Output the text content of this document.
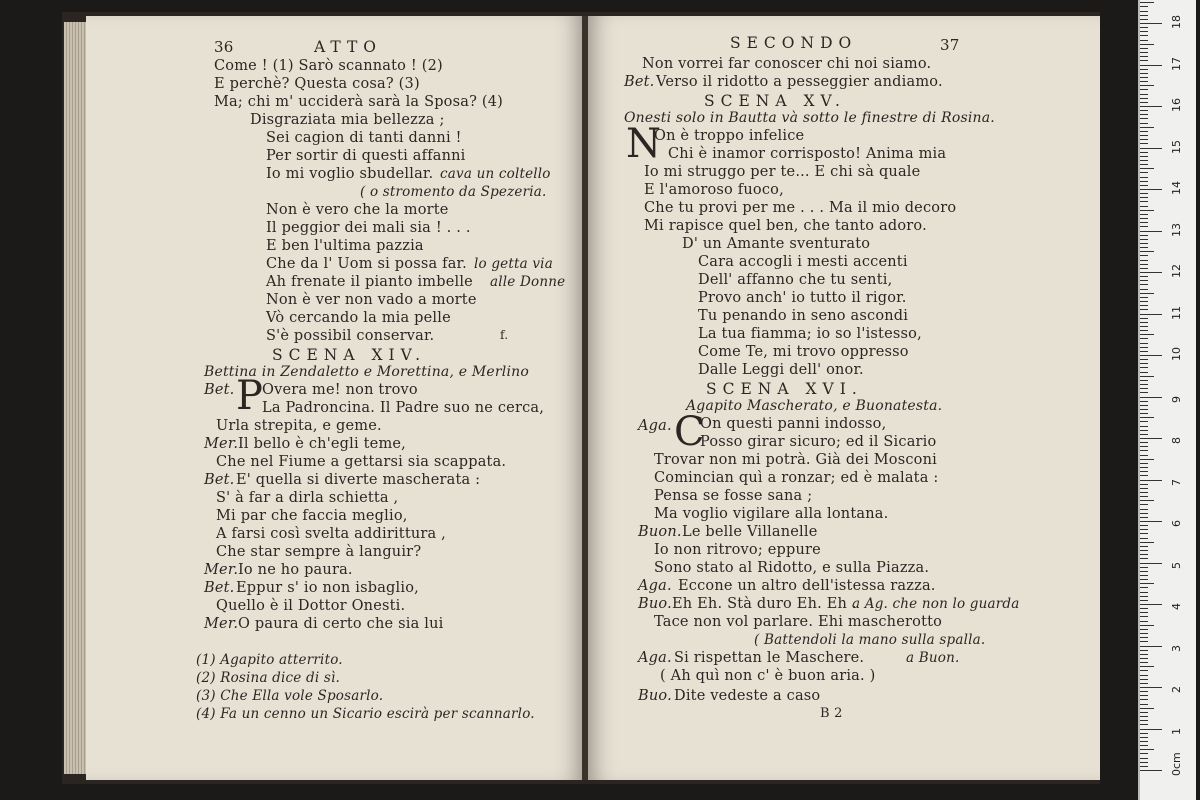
36	ATTO
Come ! (1) Sarò scannato ! (2)
E perchè? Questa cosa? (3)
Ma; chi m' ucciderà sarà la Sposa? (4)
Disgraziata mia bellezza ;
Sei cagion di tanti danni !
Per sortir di questi affanni
Io mi voglio sbudellar. cava un coltello
( o stromento da Spezeria.
Non è vero che la morte
Il peggior dei mali sia ! . . .
E ben l'ultima pazzia
Che da l' Uom si possa far. lo getta via
Ah frenate il pianto imbelle alle Donne
Non è ver non vado a morte
Vò cercando la mia pelle
S'è possibil conservar.	f.
SCENA XIV.
Bettina in Zendaletto e Morettina, e Merlino
Bet. P Overa me! non trovo
La Padroncina. Il Padre suo ne cerca,
Urla strepita, e geme.
Mer. Il bello è ch'egli teme,
Che nel Fiume a gettarsi sia scappata.
Bet. E' quella si diverte mascherata :
S' à far a dirla schietta ,
Mi par che faccia meglio,
A farsi così svelta addirittura ,
Che star sempre à languir?
Mer. Io ne ho paura.
Bet. Eppur s' io non isbaglio,
Quello è il Dottor Onesti.
Mer. O paura di certo che sia lui
(1) Agapito atterrito.
(2) Rosina dice di sì.
(3) Che Ella vole Sposarlo.
(4) Fa un cenno un Sicario escirà per scannarlo.
SECONDO	37
Non vorrei far conoscer chi noi siamo.
Bet. Verso il ridotto a pesseggier andiamo.
SCENA XV.
Onesti solo in Bautta và sotto le finestre di Rosina.
N
On è troppo infelice
Chi è inamor corrisposto! Anima mia
Io mi struggo per te... E chi sà quale
E l'amoroso fuoco,
Che tu provi per me . . . Ma il mio decoro
Mi rapisce quel ben, che tanto adoro.
D' un Amante sventurato
Cara accogli i mesti accenti
Dell' affanno che tu senti,
Provo anch' io tutto il rigor.
Tu penando in seno ascondi
La tua fiamma; io so l'istesso,
Come Te, mi trovo oppresso
Dalle Leggi dell' onor.
SCENA XVI.
Agapito Mascherato, e Buonatesta.
Aga. C
On questi panni indosso,
Posso girar sicuro; ed il Sicario
Trovar non mi potrà. Già dei Mosconi
Comincian quì a ronzar; ed è malata :
Pensa se fosse sana ;
Ma voglio vigilare alla lontana.
Buon. Le belle Villanelle
Io non ritrovo; eppure
Sono stato al Ridotto, e sulla Piazza.
Aga. Eccone un altro dell'istessa razza.
Buo. Eh Eh. Stà duro Eh. Eh .
a Ag. che non lo guarda
Tace non vol parlare. Ehi mascherotto
( Battendoli la mano sulla spalla.
Aga. Si rispettan le Maschere.	a Buon.
( Ah quì non c' è buon aria. )
Buo. Dite vedeste a caso
B 2
0cm
1
2
3
4
5
6
7
8
9
10
11
12
13
14
15
16
17
18
